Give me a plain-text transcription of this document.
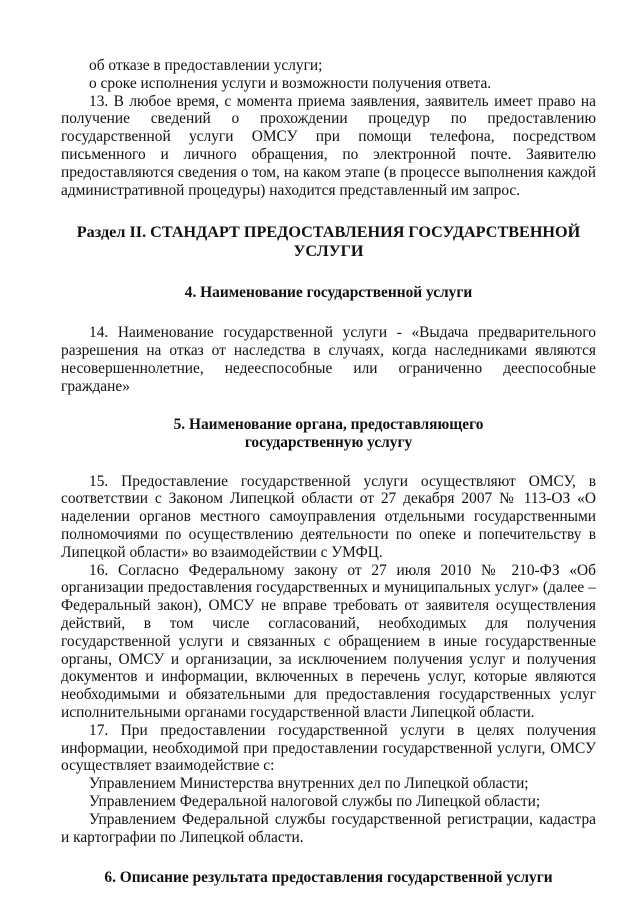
об отказе в предоставлении услуги;

о сроке исполнения услуги и возможности получения ответа.

13. В любое время, с момента приема заявления, заявитель имеет право на получение сведений о прохождении процедур по предоставлению государственной услуги ОМСУ при помощи телефона, посредством письменного и личного обращения, по электронной почте. Заявителю предоставляются сведения о том, на каком этапе (в процессе выполнения каждой административной процедуры) находится представленный им запрос.

Раздел II. СТАНДАРТ ПРЕДОСТАВЛЕНИЯ ГОСУДАРСТВЕННОЙ
УСЛУГИ
4. Наименование государственной услуги

14. Наименование государственной услуги - «Выдача предварительного разрешения на отказ от наследства в случаях, когда наследниками являются несовершеннолетние, недееспособные или ограниченно дееспособные граждане»

5. Наименование органа, предоставляющего
государственную услугу

15. Предоставление государственной услуги осуществляют ОМСУ, в соответствии с Законом Липецкой области от 27 декабря 2007 № 113-ОЗ «О наделении органов местного самоуправления отдельными государственными полномочиями по осуществлению деятельности по опеке и попечительству в Липецкой области» во взаимодействии с УМФЦ.

16. Согласно Федеральному закону от 27 июля 2010 № 210-ФЗ «Об организации предоставления государственных и муниципальных услуг» (далее – Федеральный закон), ОМСУ не вправе требовать от заявителя осуществления действий, в том числе согласований, необходимых для получения государственной услуги и связанных с обращением в иные государственные органы, ОМСУ и организации, за исключением получения услуг и получения документов и информации, включенных в перечень услуг, которые являются необходимыми и обязательными для предоставления государственных услуг исполнительными органами государственной власти Липецкой области.

17. При предоставлении государственной услуги в целях получения информации, необходимой при предоставлении государственной услуги, ОМСУ осуществляет взаимодействие с:

Управлением Министерства внутренних дел по Липецкой области;

Управлением Федеральной налоговой службы по Липецкой области;

Управлением Федеральной службы государственной регистрации, кадастра и картографии по Липецкой области.

6. Описание результата предоставления государственной услуги
